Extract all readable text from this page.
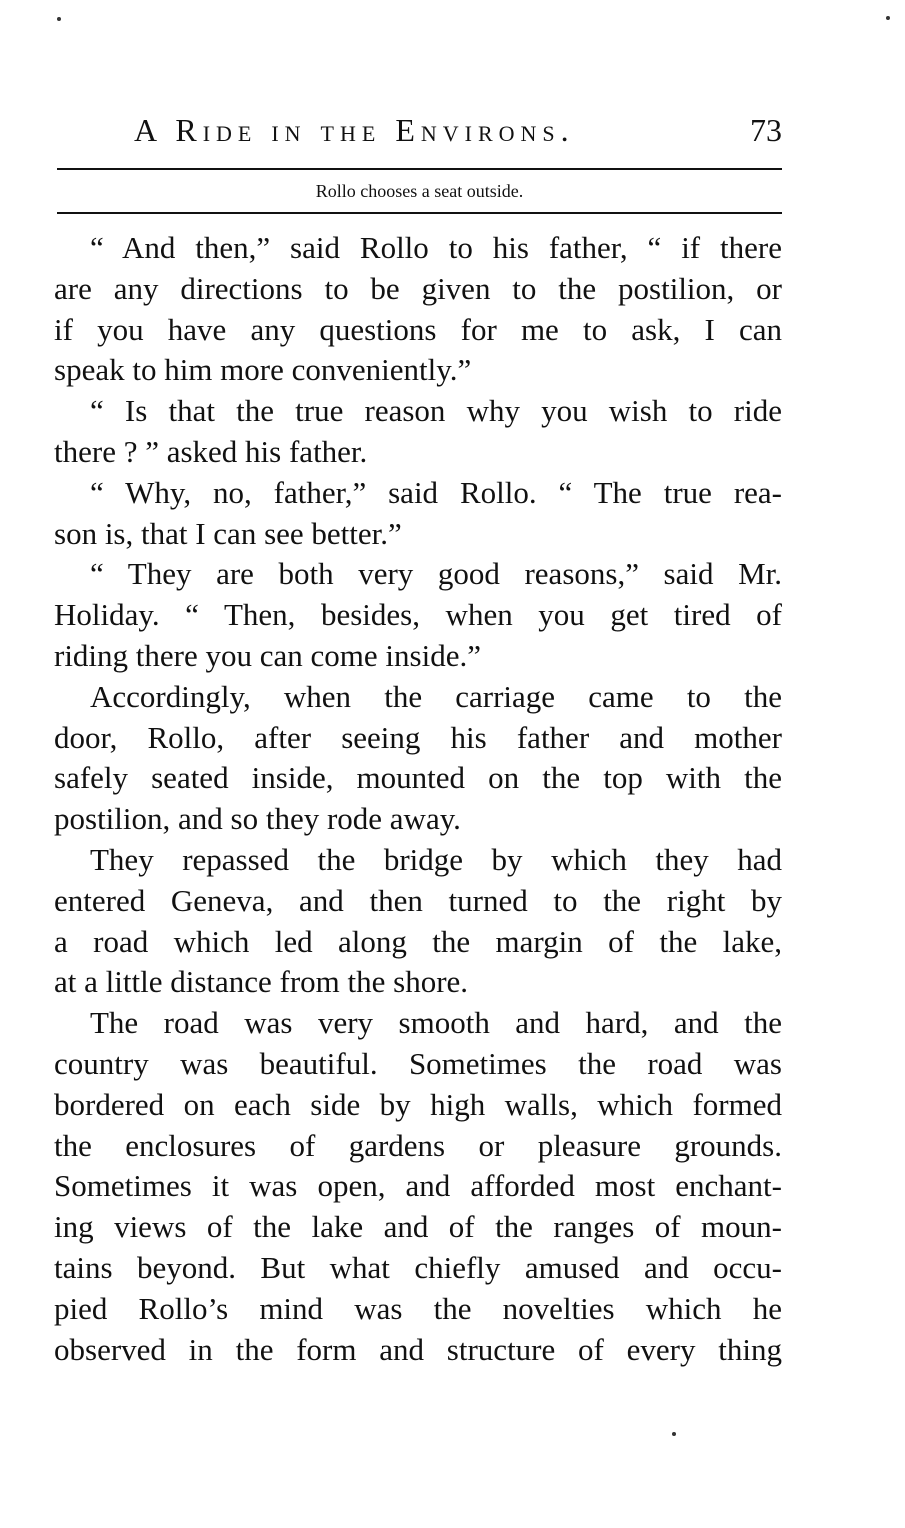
A Ride in the Environs.	73
Rollo chooses a seat outside.
“ And then,” said Rollo to his father, “ if there
are any directions to be given to the postilion, or
if you have any questions for me to ask, I can
speak to him more conveniently.”
“ Is that the true reason why you wish to ride
there ? ” asked his father.
“ Why, no, father,” said Rollo. “ The true rea-
son is, that I can see better.”
“ They are both very good reasons,” said Mr.
Holiday. “ Then, besides, when you get tired of
riding there you can come inside.”
Accordingly, when the carriage came to the
door, Rollo, after seeing his father and mother
safely seated inside, mounted on the top with the
postilion, and so they rode away.
They repassed the bridge by which they had
entered Geneva, and then turned to the right by
a road which led along the margin of the lake,
at a little distance from the shore.
The road was very smooth and hard, and the
country was beautiful. Sometimes the road was
bordered on each side by high walls, which formed
the enclosures of gardens or pleasure grounds.
Sometimes it was open, and afforded most enchant-
ing views of the lake and of the ranges of moun-
tains beyond. But what chiefly amused and occu-
pied Rollo’s mind was the novelties which he
observed in the form and structure of every thing
